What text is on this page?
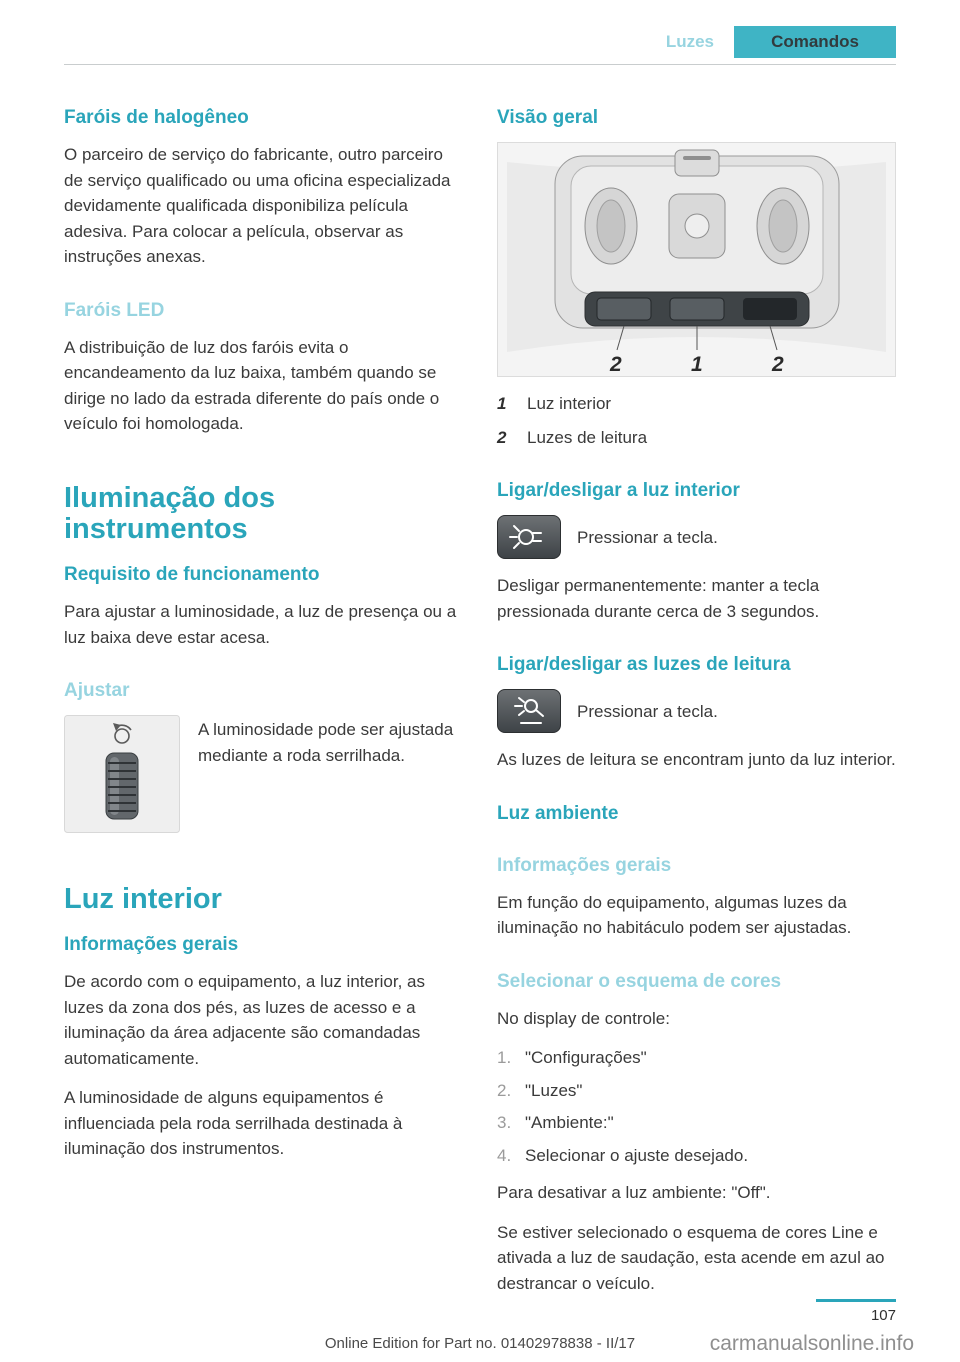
Luzes	Comandos
Faróis de halogêneo

O parceiro de serviço do fabricante, outro parceiro de serviço qualificado ou uma oficina especializada devidamente qualificada disponibiliza película adesiva. Para colocar a película, observar as instruções anexas.

Faróis LED

A distribuição de luz dos faróis evita o encandeamento da luz baixa, também quando se dirige no lado da estrada diferente do país onde o veículo foi homologada.

Iluminação dos instrumentos
Requisito de funcionamento

Para ajustar a luminosidade, a luz de presença ou a luz baixa deve estar acesa.

Ajustar

A luminosidade pode ser ajustada mediante a roda serrilhada.

Luz interior
Informações gerais

De acordo com o equipamento, a luz interior, as luzes da zona dos pés, as luzes de acesso e a iluminação da área adjacente são comandadas automaticamente.

A luminosidade de alguns equipamentos é influenciada pela roda serrilhada destinada à iluminação dos instrumentos.

Visão geral
2	1	2
1 Luz interior
2 Luzes de leitura
Ligar/desligar a luz interior

Pressionar a tecla.

Desligar permanentemente: manter a tecla pressionada durante cerca de 3 segundos.

Ligar/desligar as luzes de leitura

Pressionar a tecla.

As luzes de leitura se encontram junto da luz interior.

Luz ambiente
Informações gerais

Em função do equipamento, algumas luzes da iluminação no habitáculo podem ser ajustadas.

Selecionar o esquema de cores

No display de controle:

1. "Configurações"
2. "Luzes"
3. "Ambiente:"
4. Selecionar o ajuste desejado.

Para desativar a luz ambiente: "Off".

Se estiver selecionado o esquema de cores Line e ativada a luz de saudação, esta acende em azul ao destrancar o veículo.

107
Online Edition for Part no. 01402978838 - II/17	carmanualsonline.info
